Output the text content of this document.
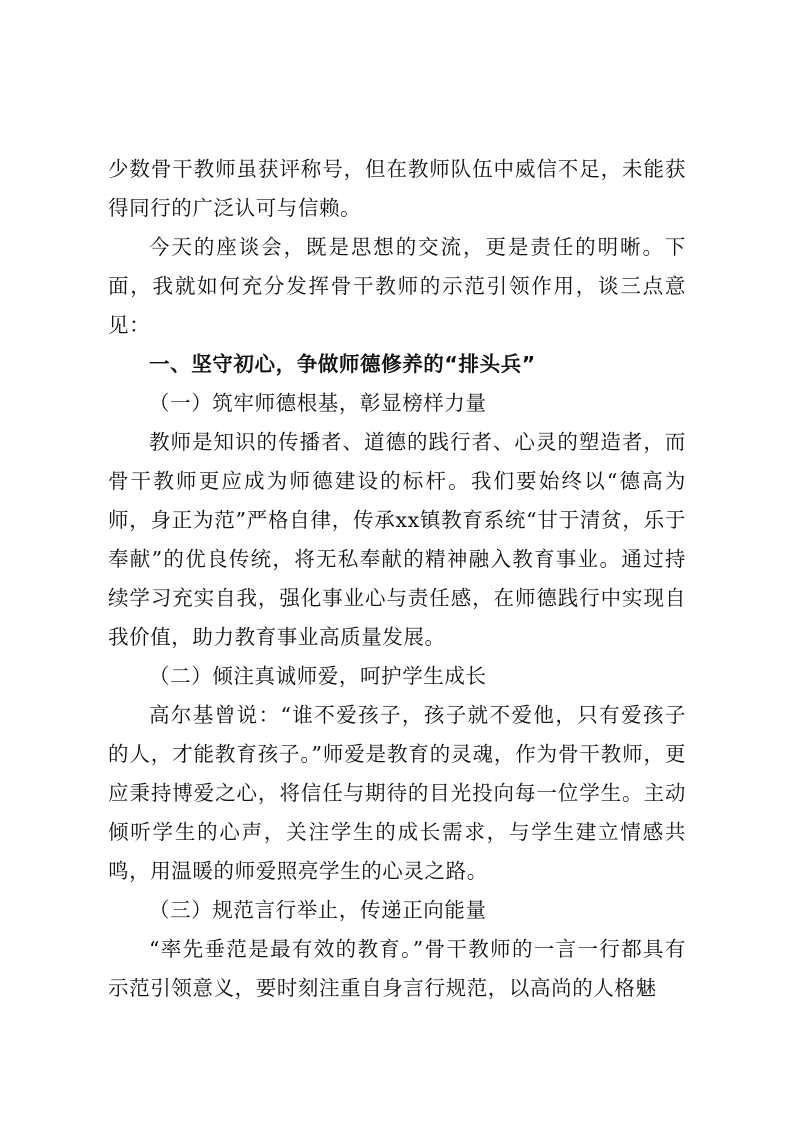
少数骨干教师虽获评称号，但在教师队伍中威信不足，未能获得同行的广泛认可与信赖。

今天的座谈会，既是思想的交流，更是责任的明晰。下面，我就如何充分发挥骨干教师的示范引领作用，谈三点意见：

一、坚守初心，争做师德修养的“排头兵”

（一）筑牢师德根基，彰显榜样力量

教师是知识的传播者、道德的践行者、心灵的塑造者，而骨干教师更应成为师德建设的标杆。我们要始终以“德高为师，身正为范”严格自律，传承xx镇教育系统“甘于清贫，乐于奉献”的优良传统，将无私奉献的精神融入教育事业。通过持续学习充实自我，强化事业心与责任感，在师德践行中实现自我价值，助力教育事业高质量发展。

（二）倾注真诚师爱，呵护学生成长

高尔基曾说：“谁不爱孩子，孩子就不爱他，只有爱孩子的人，才能教育孩子。”师爱是教育的灵魂，作为骨干教师，更应秉持博爱之心，将信任与期待的目光投向每一位学生。主动倾听学生的心声，关注学生的成长需求，与学生建立情感共鸣，用温暖的师爱照亮学生的心灵之路。

（三）规范言行举止，传递正向能量

“率先垂范是最有效的教育。”骨干教师的一言一行都具有示范引领意义，要时刻注重自身言行规范，以高尚的人格魅
